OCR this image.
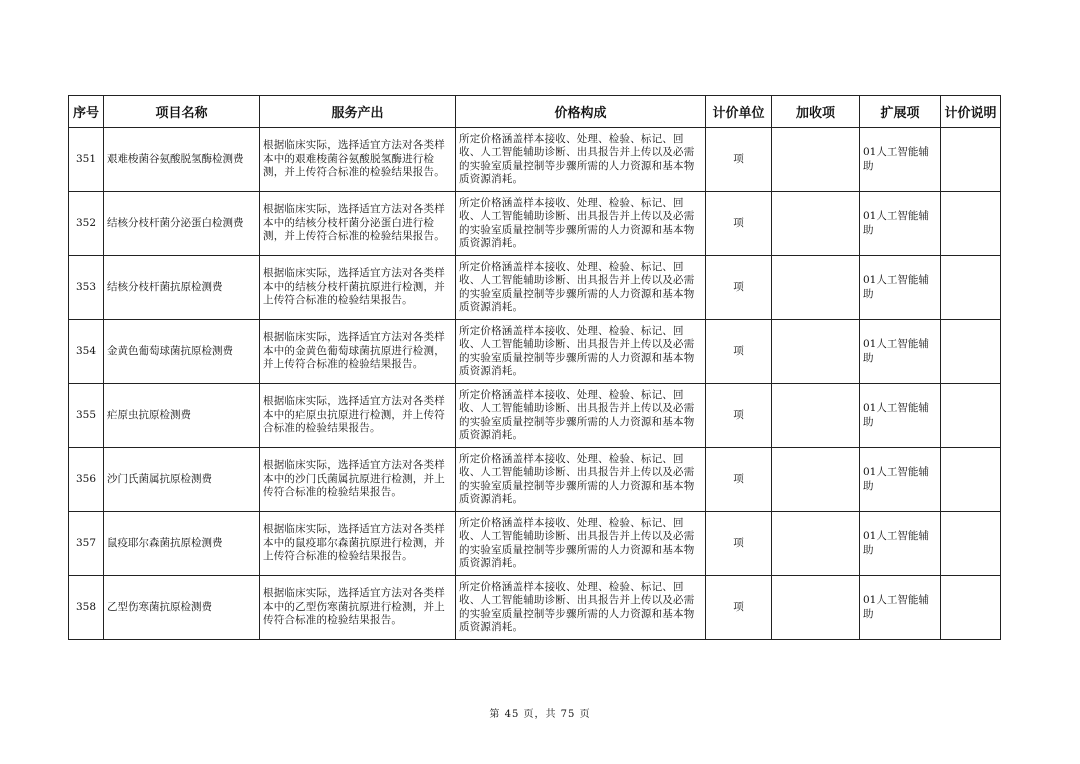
序号	项目名称	服务产出	价格构成	计价单位	加收项	扩展项	计价说明
351	艰难梭菌谷氨酸脱氢酶检测费	根据临床实际，选择适宜方法对各类样本中的艰难梭菌谷氨酸脱氢酶进行检测，并上传符合标准的检验结果报告。	所定价格涵盖样本接收、处理、检验、标记、回收、人工智能辅助诊断、出具报告并上传以及必需的实验室质量控制等步骤所需的人力资源和基本物质资源消耗。	项		01人工智能辅助	
352	结核分枝杆菌分泌蛋白检测费	根据临床实际，选择适宜方法对各类样本中的结核分枝杆菌分泌蛋白进行检测，并上传符合标准的检验结果报告。	所定价格涵盖样本接收、处理、检验、标记、回收、人工智能辅助诊断、出具报告并上传以及必需的实验室质量控制等步骤所需的人力资源和基本物质资源消耗。	项		01人工智能辅助	
353	结核分枝杆菌抗原检测费	根据临床实际，选择适宜方法对各类样本中的结核分枝杆菌抗原进行检测，并上传符合标准的检验结果报告。	所定价格涵盖样本接收、处理、检验、标记、回收、人工智能辅助诊断、出具报告并上传以及必需的实验室质量控制等步骤所需的人力资源和基本物质资源消耗。	项		01人工智能辅助	
354	金黄色葡萄球菌抗原检测费	根据临床实际，选择适宜方法对各类样本中的金黄色葡萄球菌抗原进行检测，并上传符合标准的检验结果报告。	所定价格涵盖样本接收、处理、检验、标记、回收、人工智能辅助诊断、出具报告并上传以及必需的实验室质量控制等步骤所需的人力资源和基本物质资源消耗。	项		01人工智能辅助	
355	疟原虫抗原检测费	根据临床实际，选择适宜方法对各类样本中的疟原虫抗原进行检测，并上传符合标准的检验结果报告。	所定价格涵盖样本接收、处理、检验、标记、回收、人工智能辅助诊断、出具报告并上传以及必需的实验室质量控制等步骤所需的人力资源和基本物质资源消耗。	项		01人工智能辅助	
356	沙门氏菌属抗原检测费	根据临床实际，选择适宜方法对各类样本中的沙门氏菌属抗原进行检测，并上传符合标准的检验结果报告。	所定价格涵盖样本接收、处理、检验、标记、回收、人工智能辅助诊断、出具报告并上传以及必需的实验室质量控制等步骤所需的人力资源和基本物质资源消耗。	项		01人工智能辅助	
357	鼠疫耶尔森菌抗原检测费	根据临床实际，选择适宜方法对各类样本中的鼠疫耶尔森菌抗原进行检测，并上传符合标准的检验结果报告。	所定价格涵盖样本接收、处理、检验、标记、回收、人工智能辅助诊断、出具报告并上传以及必需的实验室质量控制等步骤所需的人力资源和基本物质资源消耗。	项		01人工智能辅助	
358	乙型伤寒菌抗原检测费	根据临床实际，选择适宜方法对各类样本中的乙型伤寒菌抗原进行检测，并上传符合标准的检验结果报告。	所定价格涵盖样本接收、处理、检验、标记、回收、人工智能辅助诊断、出具报告并上传以及必需的实验室质量控制等步骤所需的人力资源和基本物质资源消耗。	项		01人工智能辅助	
第 45 页，共 75 页
